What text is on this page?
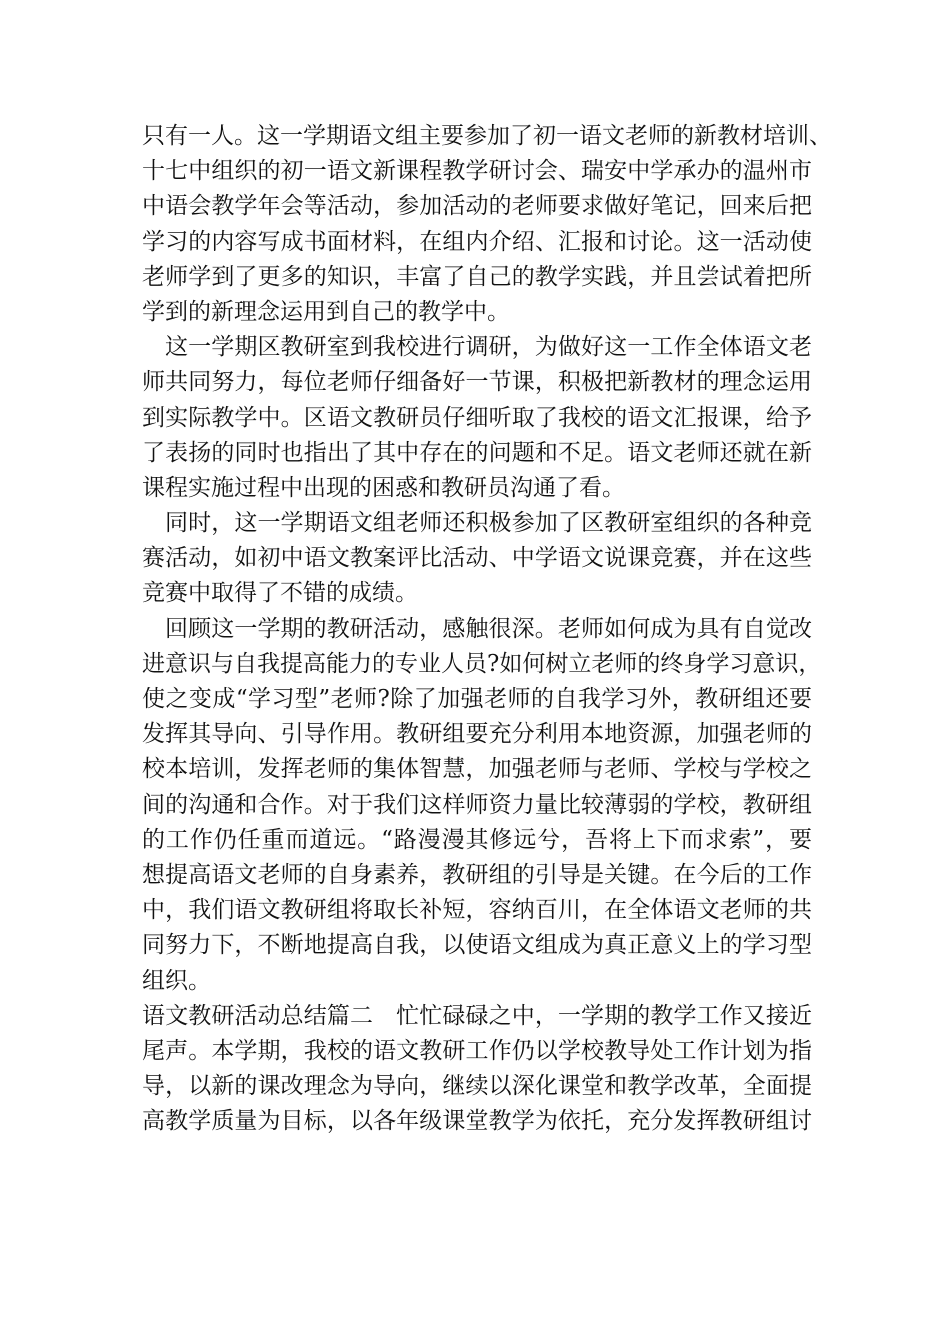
只有一人。这一学期语文组主要参加了初一语文老师的新教材培训、
十七中组织的初一语文新课程教学研讨会、瑞安中学承办的温州市
中语会教学年会等活动，参加活动的老师要求做好笔记，回来后把
学习的内容写成书面材料，在组内介绍、汇报和讨论。这一活动使
老师学到了更多的知识，丰富了自己的教学实践，并且尝试着把所
学到的新理念运用到自己的教学中。
这一学期区教研室到我校进行调研，为做好这一工作全体语文老
师共同努力，每位老师仔细备好一节课，积极把新教材的理念运用
到实际教学中。区语文教研员仔细听取了我校的语文汇报课，给予
了表扬的同时也指出了其中存在的问题和不足。语文老师还就在新
课程实施过程中出现的困惑和教研员沟通了看。
同时，这一学期语文组老师还积极参加了区教研室组织的各种竞
赛活动，如初中语文教案评比活动、中学语文说课竞赛，并在这些
竞赛中取得了不错的成绩。
回顾这一学期的教研活动，感触很深。老师如何成为具有自觉改
进意识与自我提高能力的专业人员?如何树立老师的终身学习意识，
使之变成“学习型”老师?除了加强老师的自我学习外，教研组还要
发挥其导向、引导作用。教研组要充分利用本地资源，加强老师的
校本培训，发挥老师的集体智慧，加强老师与老师、学校与学校之
间的沟通和合作。对于我们这样师资力量比较薄弱的学校，教研组
的工作仍任重而道远。“路漫漫其修远兮，吾将上下而求索”，要
想提高语文老师的自身素养，教研组的引导是关键。在今后的工作
中，我们语文教研组将取长补短，容纳百川，在全体语文老师的共
同努力下，不断地提高自我，以使语文组成为真正意义上的学习型
组织。
语文教研活动总结篇二　忙忙碌碌之中，一学期的教学工作又接近
尾声。本学期，我校的语文教研工作仍以学校教导处工作计划为指
导，以新的课改理念为导向，继续以深化课堂和教学改革，全面提
高教学质量为目标，以各年级课堂教学为依托，充分发挥教研组讨
